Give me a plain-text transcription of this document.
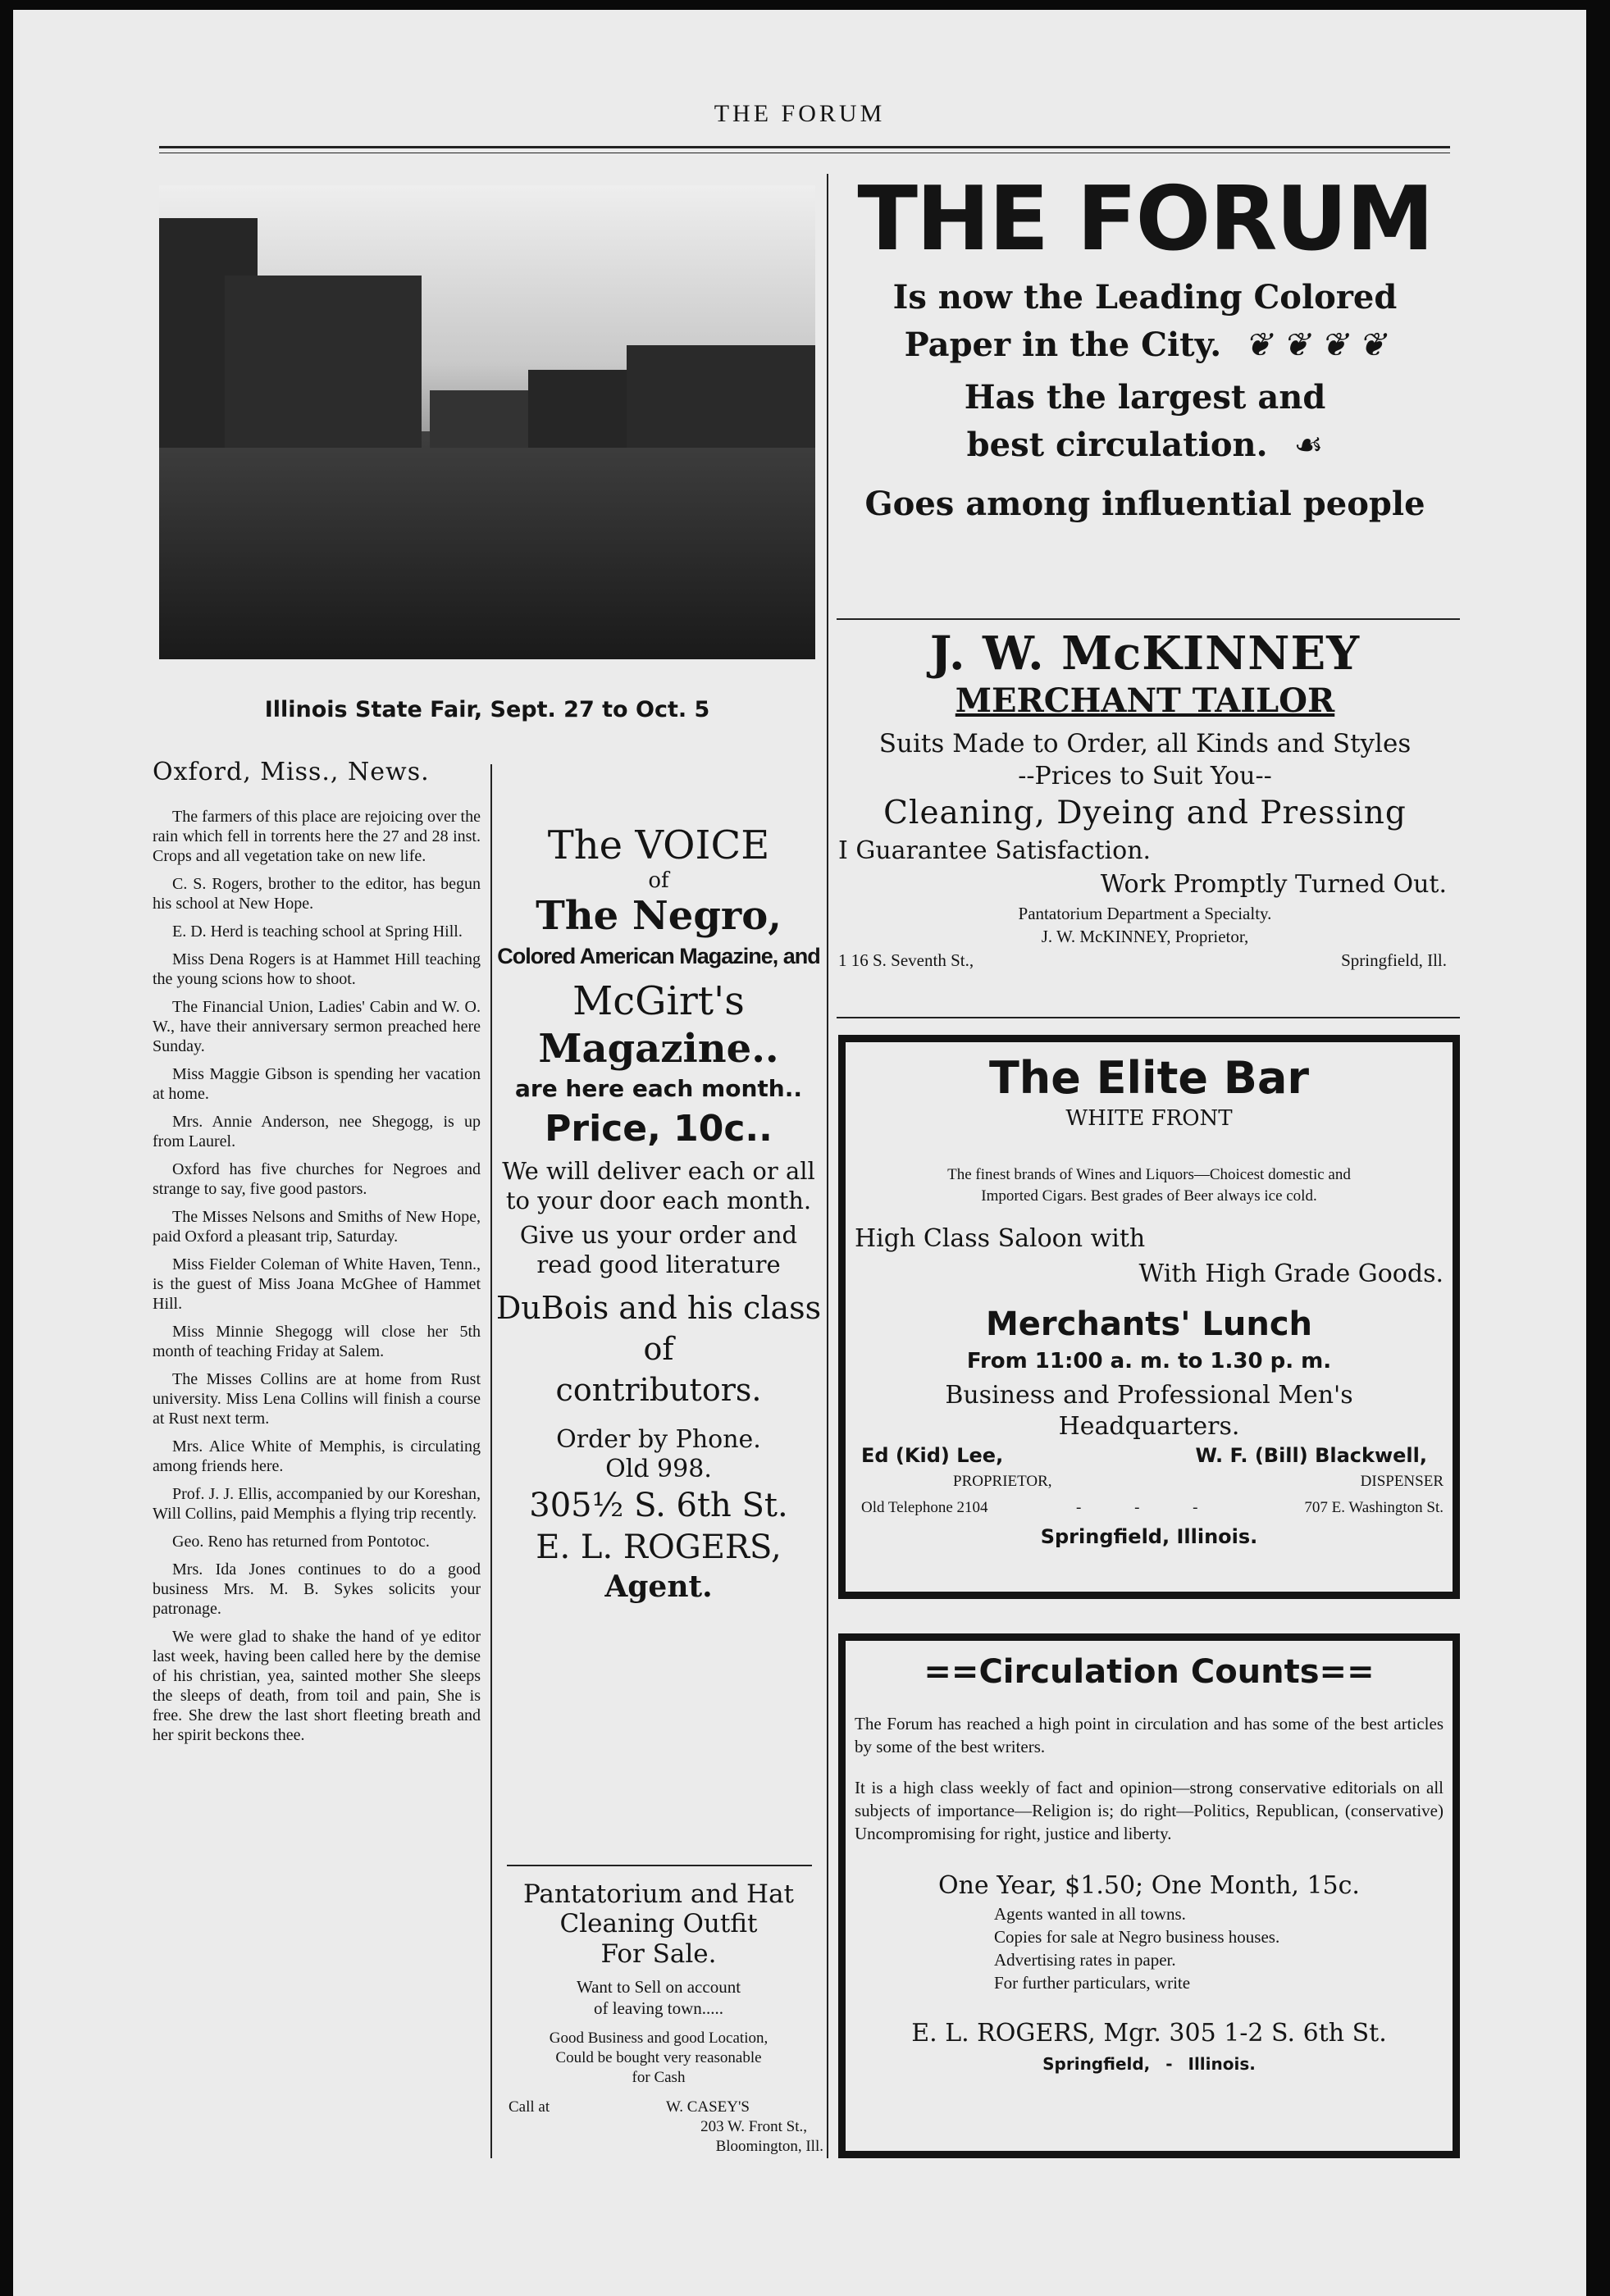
THE FORUM
Illinois State Fair, Sept. 27 to Oct. 5
Oxford, Miss., News.

The farmers of this place are rejoicing over the rain which fell in torrents here the 27 and 28 inst. Crops and all vegetation take on new life.

C. S. Rogers, brother to the editor, has begun his school at New Hope.

E. D. Herd is teaching school at Spring Hill.

Miss Dena Rogers is at Hammet Hill teaching the young scions how to shoot.

The Financial Union, Ladies' Cabin and W. O. W., have their anniversary sermon preached here Sunday.

Miss Maggie Gibson is spending her vacation at home.

Mrs. Annie Anderson, nee Shegogg, is up from Laurel.

Oxford has five churches for Negroes and strange to say, five good pastors.

The Misses Nelsons and Smiths of New Hope, paid Oxford a pleasant trip, Saturday.

Miss Fielder Coleman of White Haven, Tenn., is the guest of Miss Joana McGhee of Hammet Hill.

Miss Minnie Shegogg will close her 5th month of teaching Friday at Salem.

The Misses Collins are at home from Rust university. Miss Lena Collins will finish a course at Rust next term.

Mrs. Alice White of Memphis, is circulating among friends here.

Prof. J. J. Ellis, accompanied by our Koreshan, Will Collins, paid Memphis a flying trip recently.

Geo. Reno has returned from Pontotoc.

Mrs. Ida Jones continues to do a good business Mrs. M. B. Sykes solicits your patronage.

We were glad to shake the hand of ye editor last week, having been called here by the demise of his christian, yea, sainted mother She sleeps the sleeps of death, from toil and pain, She is free. She drew the last short fleeting breath and her spirit beckons thee.

The VOICE
of
The Negro,
Colored American Magazine, and
McGirt's
Magazine..
are here each month..
Price, 10c..
We will deliver each or all to your door each month.
Give us your order and read good literature
DuBois and his class of
contributors.
Order by Phone.
Old 998.
305½ S. 6th St.
E. L. ROGERS,
Agent.
Pantatorium and Hat
Cleaning Outfit
For Sale.
Want to Sell on account
of leaving town.....
Good Business and good Location,
Could be bought very reasonable
for Cash
Call at	W. CASEY'S
203 W. Front St.,
Bloomington, Ill.
THE FORUM
Is now the Leading Colored
Paper in the City. ❦ ❦ ❦ ❦
Has the largest and
best circulation. ☙
Goes among influential people
J. W. McKINNEY
MERCHANT TAILOR
Suits Made to Order, all Kinds and Styles
--Prices to Suit You--
Cleaning, Dyeing and Pressing
I Guarantee Satisfaction.
Work Promptly Turned Out.
Pantatorium Department a Specialty.
J. W. McKINNEY, Proprietor,
1 16 S. Seventh St.,	Springfield, Ill.
The Elite Bar
WHITE FRONT
The finest brands of Wines and Liquors—Choicest domestic and
Imported Cigars. Best grades of Beer always ice cold.
High Class Saloon with
With High Grade Goods.
Merchants' Lunch
From 11:00 a. m. to 1.30 p. m.
Business and Professional Men's
Headquarters.
Ed (Kid) Lee,	W. F. (Bill) Blackwell,
PROPRIETOR,	DISPENSER
Old Telephone 2104	- - -	707 E. Washington St.
Springfield, Illinois.
==Circulation Counts==
The Forum has reached a high point in circulation and has some of the best articles by some of the best writers.
It is a high class weekly of fact and opinion—strong conservative editorials on all subjects of importance—Religion is; do right—Politics, Republican, (conservative) Uncompromising for right, justice and liberty.
One Year, $1.50; One Month, 15c.
Agents wanted in all towns.
Copies for sale at Negro business houses.
Advertising rates in paper.
For further particulars, write
E. L. ROGERS, Mgr. 305 1-2 S. 6th St.
Springfield, - Illinois.
